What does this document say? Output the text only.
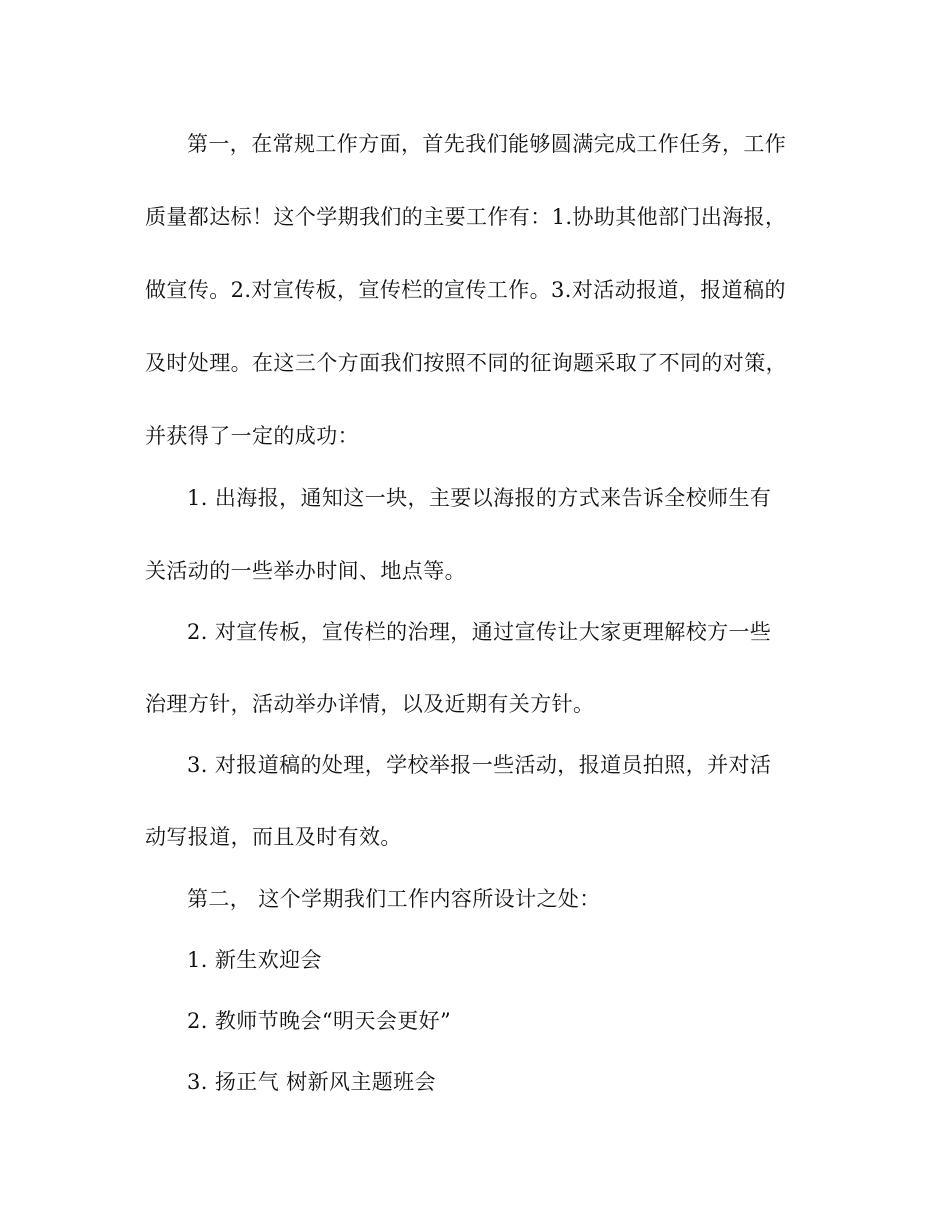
第一，在常规工作方面，首先我们能够圆满完成工作任务，工作
质量都达标！这个学期我们的主要工作有：1.协助其他部门出海报，
做宣传。2.对宣传板，宣传栏的宣传工作。3.对活动报道，报道稿的
及时处理。在这三个方面我们按照不同的征询题采取了不同的对策，
并获得了一定的成功：
1. 出海报，通知这一块，主要以海报的方式来告诉全校师生有
关活动的一些举办时间、地点等。
2. 对宣传板，宣传栏的治理，通过宣传让大家更理解校方一些
治理方针，活动举办详情，以及近期有关方针。
3. 对报道稿的处理，学校举报一些活动，报道员拍照，并对活
动写报道，而且及时有效。
第二， 这个学期我们工作内容所设计之处：
1. 新生欢迎会
2. 教师节晚会“明天会更好”
3. 扬正气 树新风主题班会
